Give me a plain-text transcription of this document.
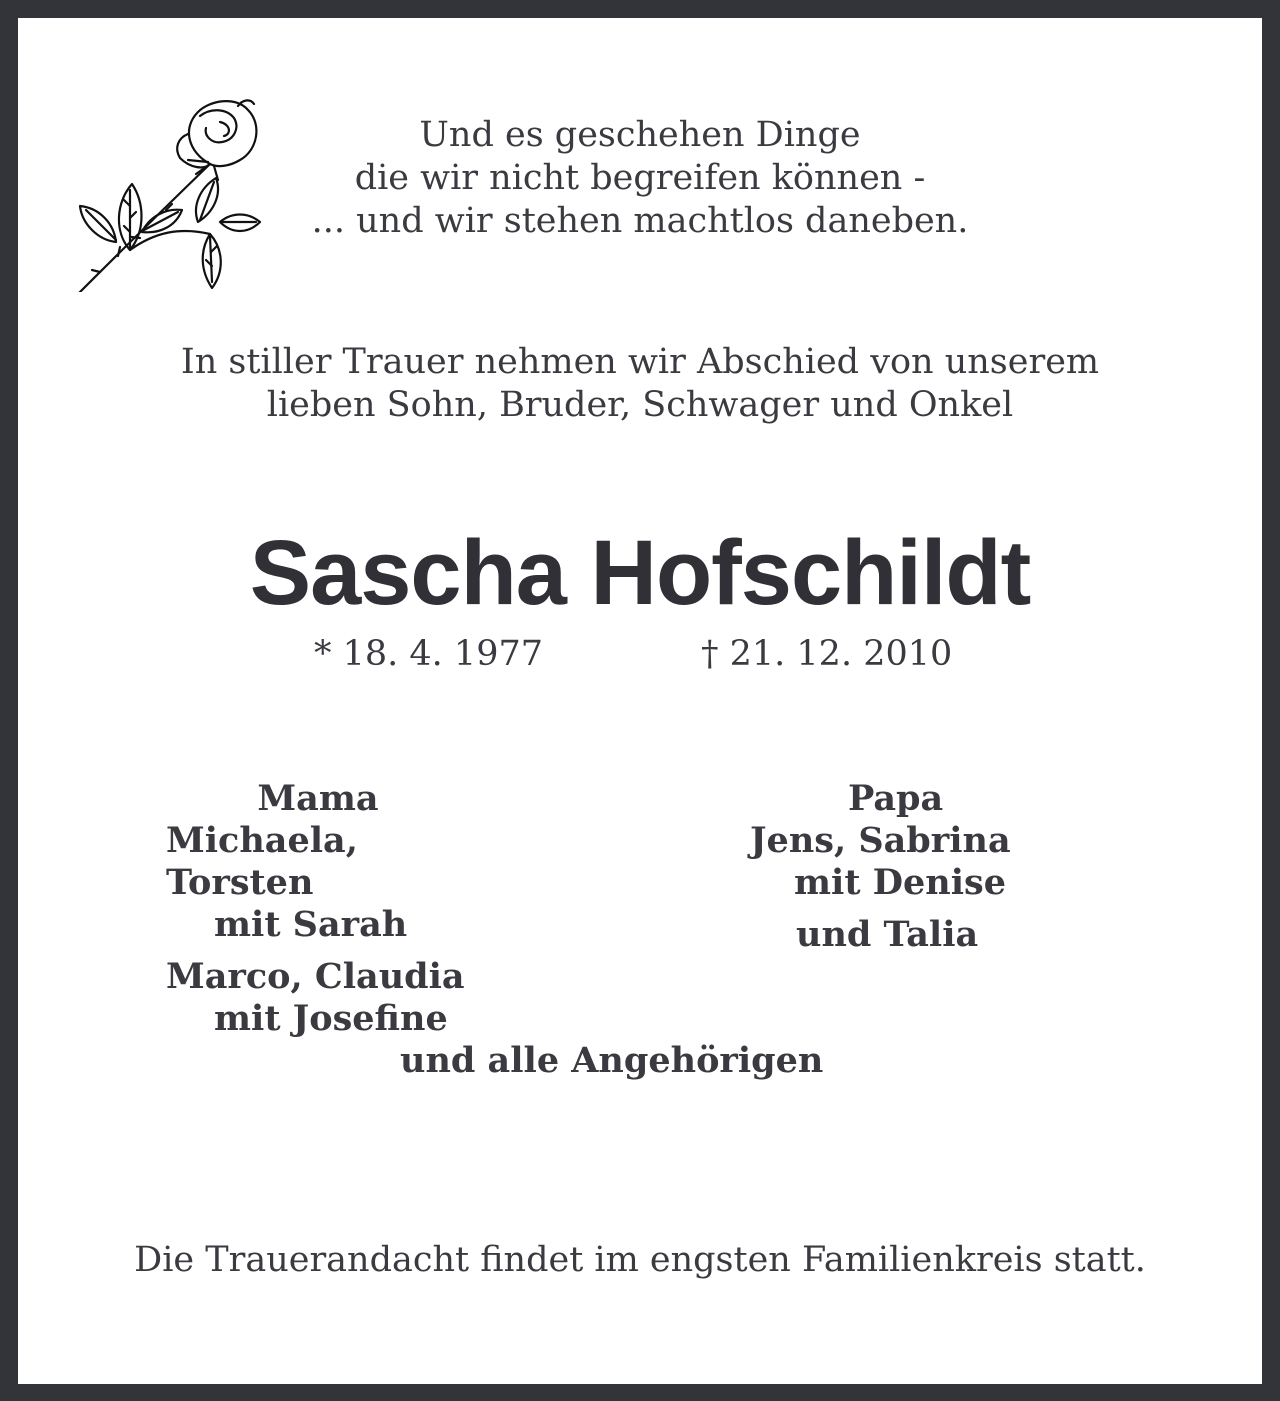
Und es geschehen Dinge
die wir nicht begreifen können -
... und wir stehen machtlos daneben.
In stiller Trauer nehmen wir Abschied von unserem
lieben Sohn, Bruder, Schwager und Onkel
Sascha Hofschildt
* 18. 4. 1977	† 21. 12. 2010
Mama
Michaela, Torsten
mit Sarah
Marco, Claudia
mit Josefine
Papa
Jens, Sabrina
mit Denise
und Talia
und alle Angehörigen
Die Trauerandacht findet im engsten Familienkreis statt.
